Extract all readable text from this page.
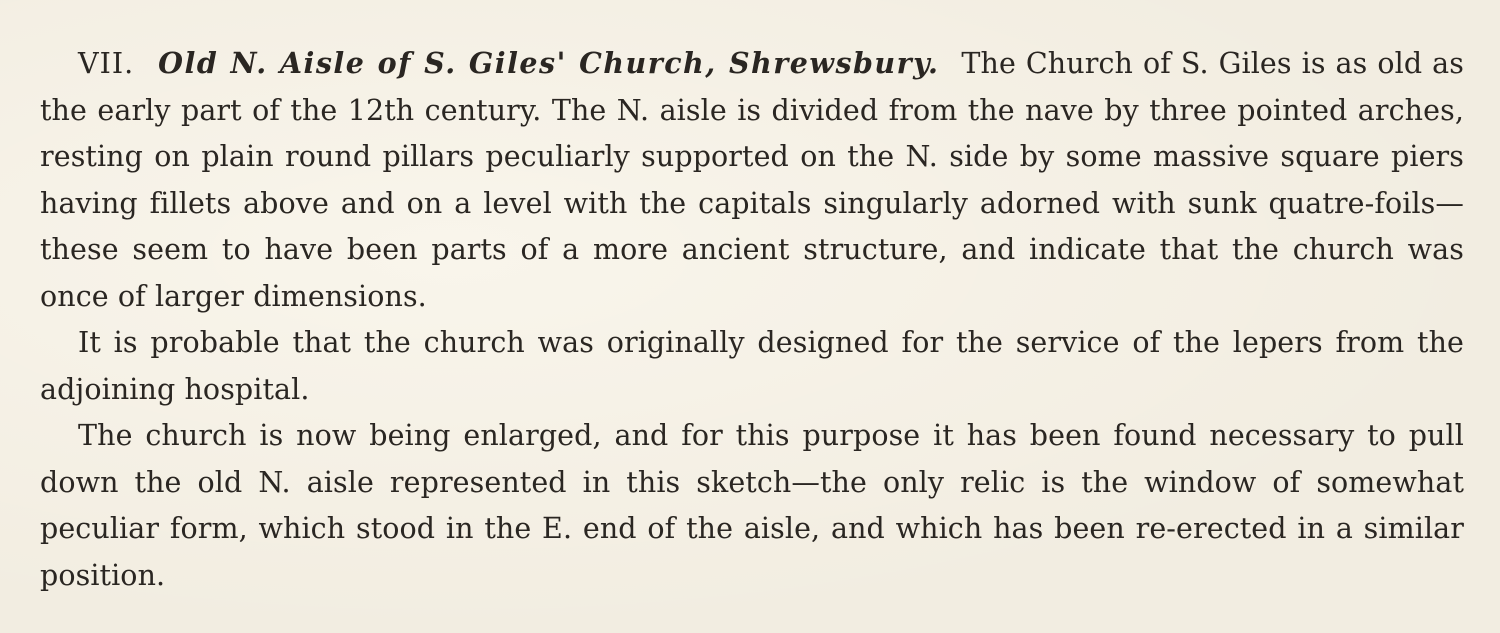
VII. Old N. Aisle of S. Giles' Church, Shrewsbury. The Church of S. Giles is as old as the early part of the 12th century. The N. aisle is divided from the nave by three pointed arches, resting on plain round pillars peculiarly supported on the N. side by some massive square piers having fillets above and on a level with the capitals singularly adorned with sunk quatre-foils—these seem to have been parts of a more ancient structure, and indicate that the church was once of larger dimensions.

It is probable that the church was originally designed for the service of the lepers from the adjoining hospital.

The church is now being enlarged, and for this purpose it has been found necessary to pull down the old N. aisle represented in this sketch—the only relic is the window of somewhat peculiar form, which stood in the E. end of the aisle, and which has been re-erected in a similar position.
